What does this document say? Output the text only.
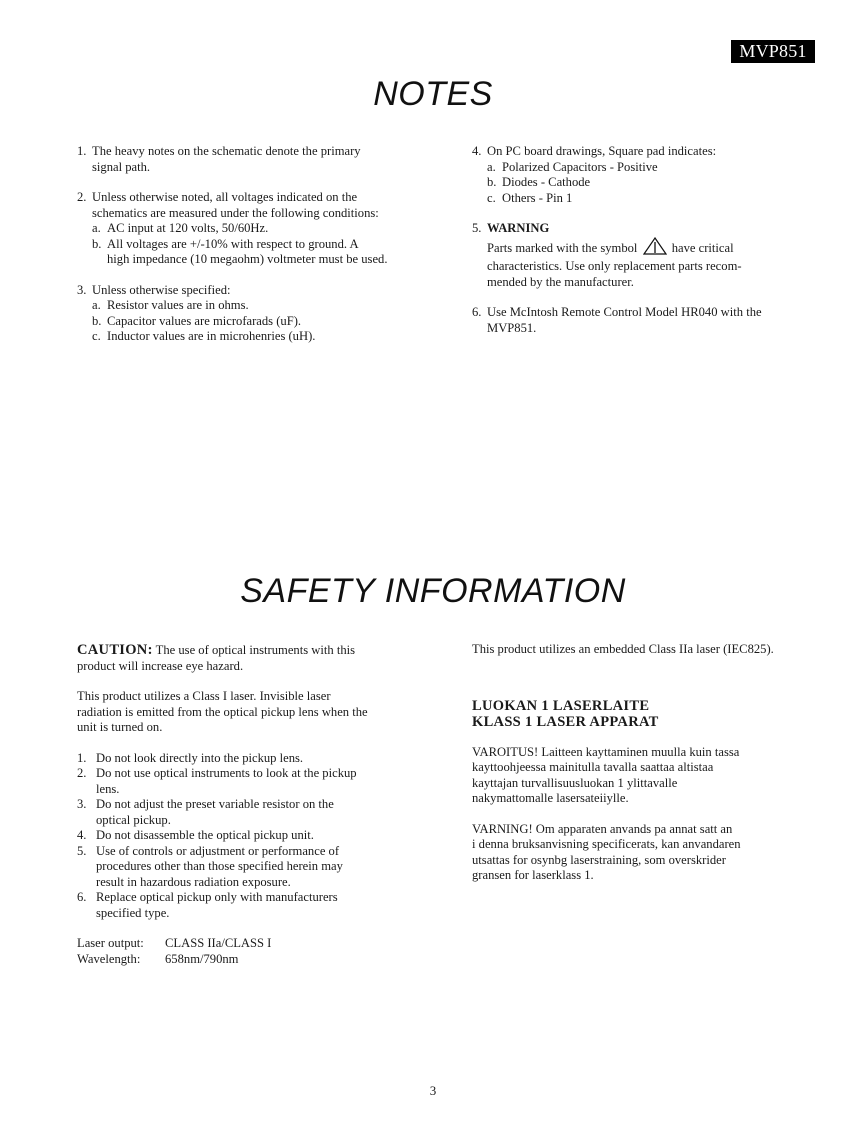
MVP851
NOTES
1. The heavy notes on the schematic denote the primary

signal path.

2. Unless otherwise noted, all voltages indicated on the

schematics are measured under the following conditions:

a. AC input at 120 volts, 50/60Hz.

b. All voltages are +/-10% with respect to ground. A

high impedance (10 megaohm) voltmeter must be used.

3. Unless otherwise specified:

a. Resistor values are in ohms.

b. Capacitor values are microfarads (uF).

c. Inductor values are in microhenries (uH).

4. On PC board drawings, Square pad indicates:

a. Polarized Capacitors - Positive

b. Diodes - Cathode

c. Others - Pin 1

5. WARNING

Parts marked with the symbol	have critical

characteristics. Use only replacement parts recom-

mended by the manufacturer.

6. Use McIntosh Remote Control Model HR040 with the

MVP851.

SAFETY INFORMATION

CAUTION: The use of optical instruments with this

product will increase eye hazard.

This product utilizes a Class I laser. Invisible laser

radiation is emitted from the optical pickup lens when the

unit is turned on.

1. Do not look directly into the pickup lens.

2. Do not use optical instruments to look at the pickup

lens.

3. Do not adjust the preset variable resistor on the

optical pickup.

4. Do not disassemble the optical pickup unit.

5. Use of controls or adjustment or performance of

procedures other than those specified herein may

result in hazardous radiation exposure.

6. Replace optical pickup only with manufacturers

specified type.

Laser output:	CLASS IIa/CLASS I
Wavelength:	658nm/790nm

This product utilizes an embedded Class IIa laser (IEC825).

LUOKAN 1 LASERLAITE

KLASS 1 LASER APPARAT

VAROITUS! Laitteen kayttaminen muulla kuin tassa

kayttoohjeessa mainitulla tavalla saattaa altistaa

kayttajan turvallisuusluokan 1 ylittavalle

nakymattomalle lasersateiiylle.

VARNING! Om apparaten anvands pa annat satt an

i denna bruksanvisning specificerats, kan anvandaren

utsattas for osynbg laserstraining, som overskrider

gransen for laserklass 1.

3
